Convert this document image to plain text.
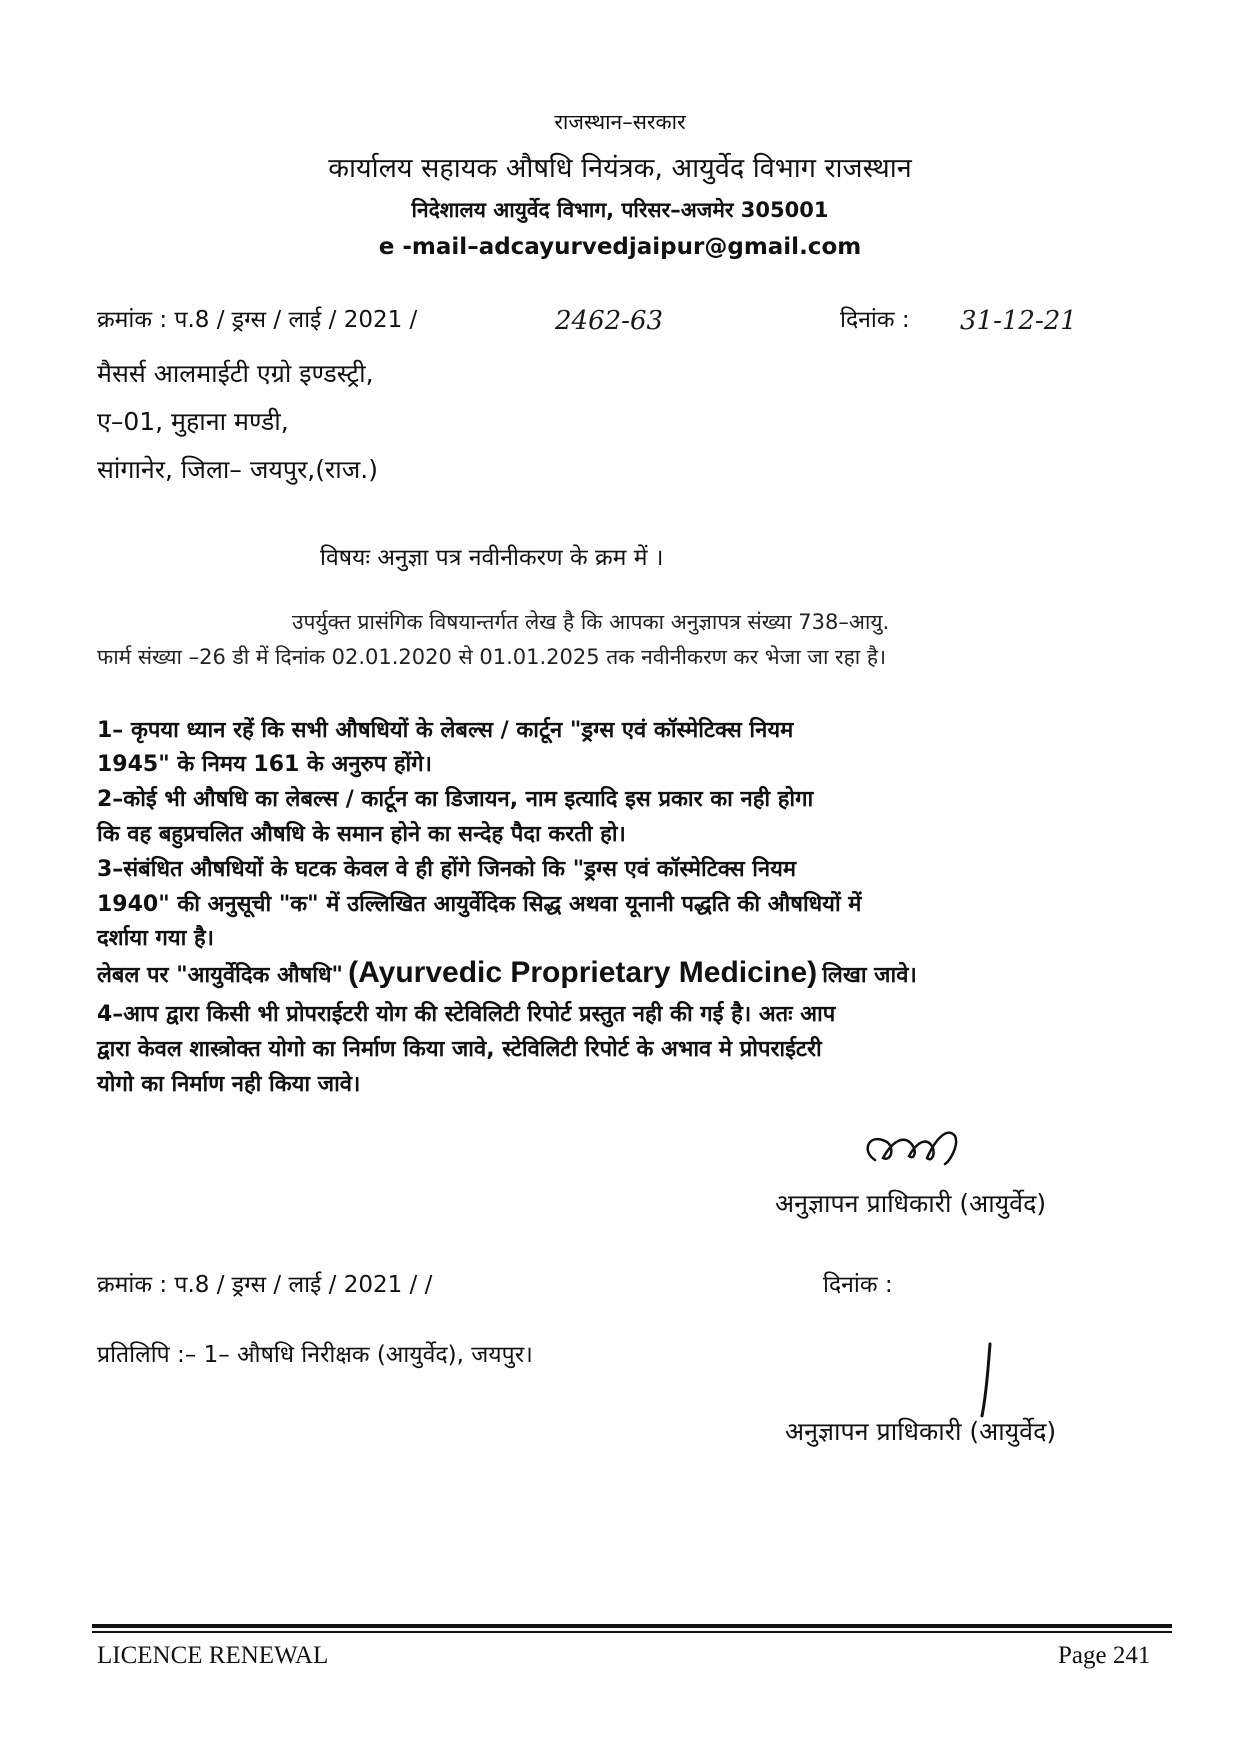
राजस्थान–सरकार
कार्यालय सहायक औषधि नियंत्रक, आयुर्वेद विभाग राजस्थान
निदेशालय आयुर्वेद विभाग, परिसर–अजमेर 305001
e -mail–adcayurvedjaipur@gmail.com
क्रमांक : प.8 / ड्रग्स / लाई / 2021 /	2462-63	दिनांक : 31-12-21
मैसर्स आलमाईटी एग्रो इण्डस्ट्री,
ए–01, मुहाना मण्डी,
सांगानेर, जिला– जयपुर,(राज.)
विषयः अनुज्ञा पत्र नवीनीकरण के क्रम में ।
उपर्युक्त प्रासंगिक विषयान्तर्गत लेख है कि आपका अनुज्ञापत्र संख्या 738–आयु.
फार्म संख्या –26 डी में दिनांक 02.01.2020 से 01.01.2025 तक नवीनीकरण कर भेजा जा रहा है।
1– कृपया ध्यान रहें कि सभी औषधियों के लेबल्स / कार्टून "ड्रग्स एवं कॉस्मेटिक्स नियम
1945" के निमय 161 के अनुरुप होंगे।
2–कोई भी औषधि का लेबल्स / कार्टून का डिजायन, नाम इत्यादि इस प्रकार का नही होगा
कि वह बहुप्रचलित औषधि के समान होने का सन्देह पैदा करती हो।
3–संबंधित औषधियों के घटक केवल वे ही होंगे जिनको कि "ड्रग्स एवं कॉस्मेटिक्स नियम
1940" की अनुसूची "क" में उल्लिखित आयुर्वेदिक सिद्ध अथवा यूनानी पद्धति की औषधियों में
दर्शाया गया है।
लेबल पर "आयुर्वेदिक औषधि" (Ayurvedic Proprietary Medicine) लिखा जावे।
4–आप द्वारा किसी भी प्रोपराईटरी योग की स्टेविलिटी रिपोर्ट प्रस्तुत नही की गई है। अतः आप
द्वारा केवल शास्त्रोक्त योगो का निर्माण किया जावे, स्टेविलिटी रिपोर्ट के अभाव मे प्रोपराईटरी
योगो का निर्माण नही किया जावे।
अनुज्ञापन प्राधिकारी (आयुर्वेद)
क्रमांक : प.8 / ड्रग्स / लाई / 2021 / /	दिनांक :
प्रतिलिपि :– 1– औषधि निरीक्षक (आयुर्वेद), जयपुर।
अनुज्ञापन प्राधिकारी (आयुर्वेद)
LICENCE RENEWAL	Page 241
